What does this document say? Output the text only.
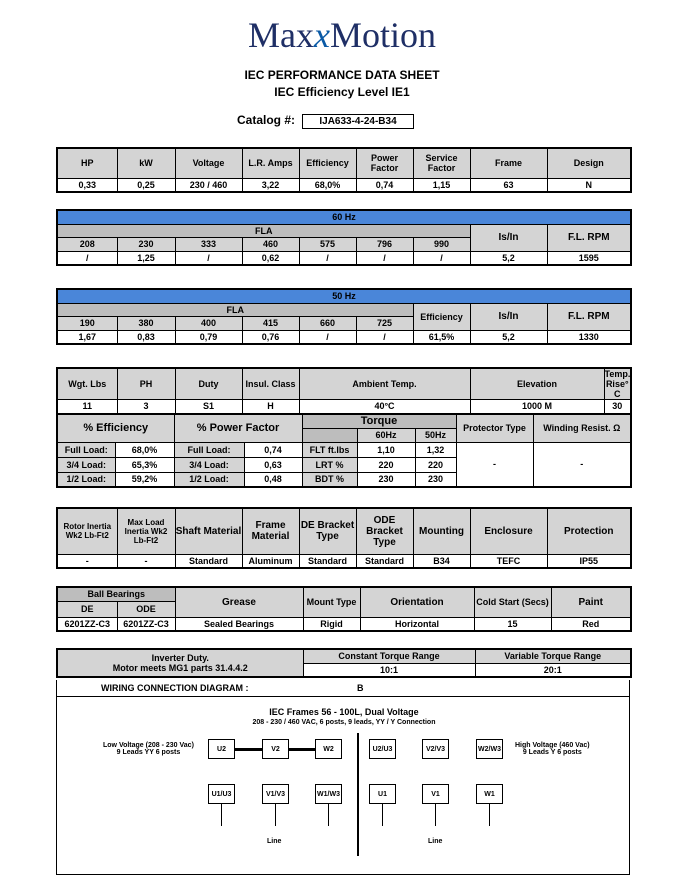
MaxxMotion
IEC PERFORMANCE DATA SHEET
IEC Efficiency Level IE1
Catalog #: IJA633-4-24-B34
HP	kW	Voltage	L.R. Amps	Efficiency	Power Factor	Service Factor	Frame	Design
0,33	0,25	230 / 460	3,22	68,0%	0,74	1,15	63	N
60 Hz								
FLA							Is/In	F.L. RPM
208	230	333	460	575	796	990		
/	1,25	/	0,62	/	/	/	5,2	1595
50 Hz								
FLA						Efficiency	Is/In	F.L. RPM
190	380	400	415	660	725			
1,67	0,83	0,79	0,76	/	/	61,5%	5,2	1330
Wgt. Lbs	PH	Duty	Insul. Class	Ambient Temp.	Elevation	Temp. Rise° C
11	3	S1	H	40°C	1000 M	30
% Efficiency		% Power Factor		Torque			Protector Type	Winding Resist. Ω
					60Hz	50Hz		
Full Load:	68,0%	Full Load:	0,74	FLT ft.lbs	1,10	1,32	-	-
3/4 Load:	65,3%	3/4 Load:	0,63	LRT %	220	220		
1/2 Load:	59,2%	1/2 Load:	0,48	BDT %	230	230		
Rotor Inertia Wk2 Lb-Ft2	Max Load Inertia Wk2 Lb-Ft2	Shaft Material	Frame Material	DE Bracket Type	ODE Bracket Type	Mounting	Enclosure	Protection
-	-	Standard	Aluminum	Standard	Standard	B34	TEFC	IP55
Ball Bearings		Grease	Mount Type	Orientation	Cold Start (Secs)	Paint
DE	ODE					
6201ZZ-C3	6201ZZ-C3	Sealed Bearings	Rigid	Horizontal	15	Red
Inverter Duty.
Motor meets MG1 parts 31.4.4.2	Constant Torque Range	Variable Torque Range
	10:1	20:1
WIRING CONNECTION DIAGRAM :	B
IEC Frames 56 - 100L, Dual Voltage
208 - 230 / 460 VAC, 6 posts, 9 leads, YY / Y Connection
Low Voltage (208 - 230 Vac)
9 Leads YY 6 posts
High Voltage (460 Vac)
9 Leads Y 6 posts
U2	V2	W2
U1/U3	V1/V3	W1/W3
Line
U2/U3	V2/V3	W2/W3
U1	V1	W1
Line
